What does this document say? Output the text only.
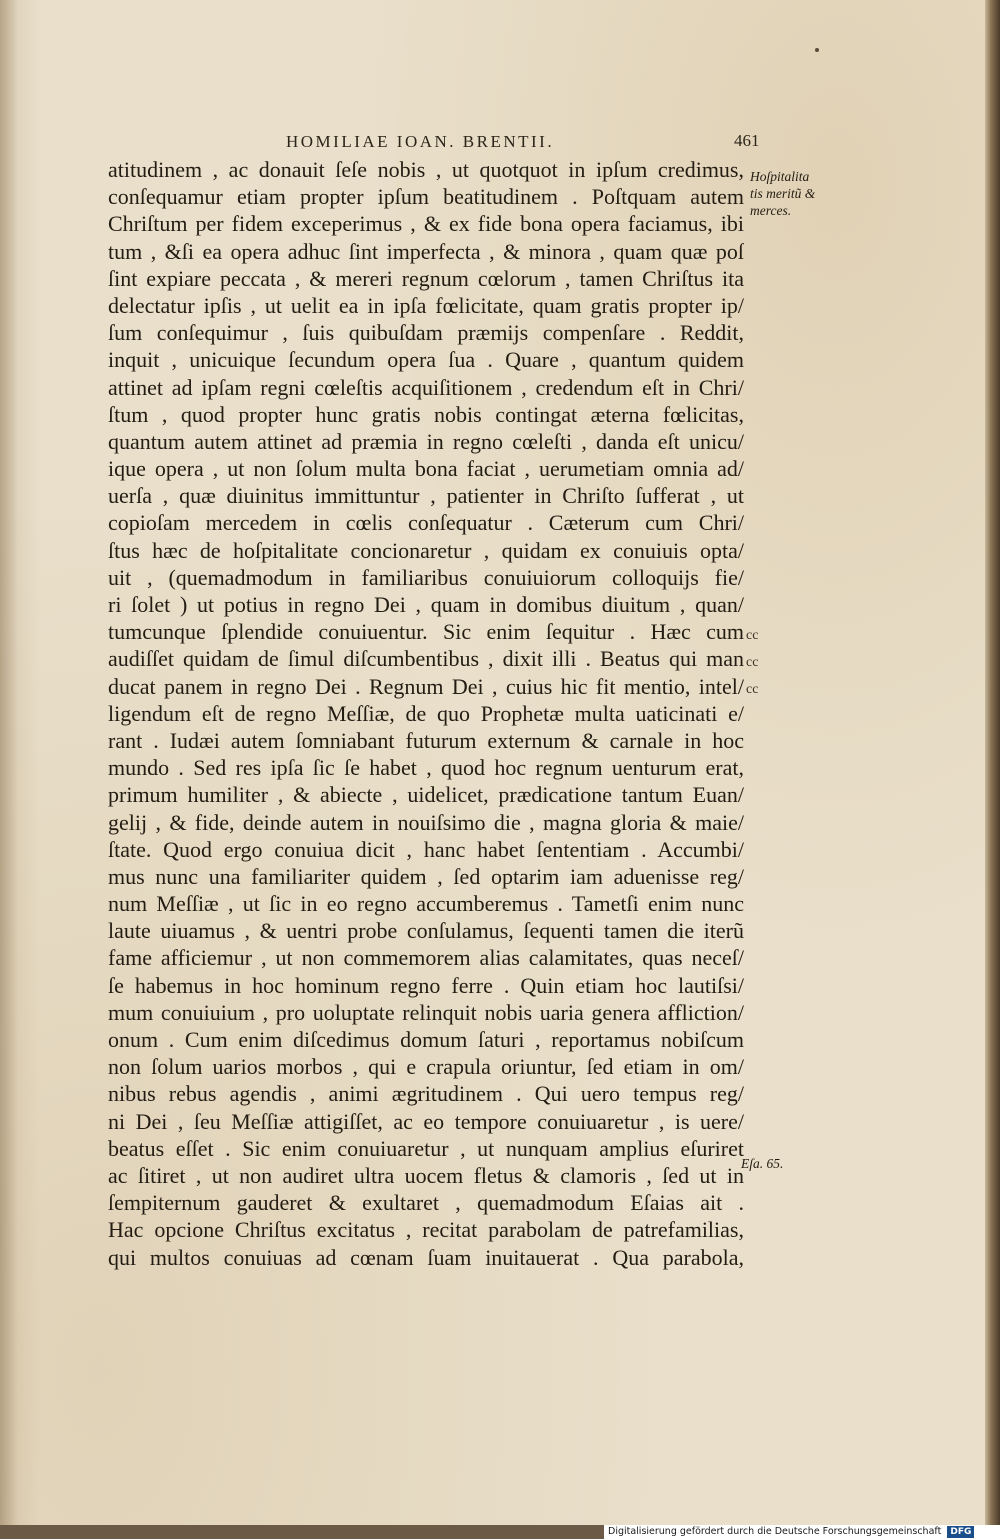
HOMILIAE IOAN. BRENTII.	461
atitudinem , ac donauit ſeſe nobis , ut quotquot in ipſum credimus,
conſequamur etiam propter ipſum beatitudinem . Poſtquam autem
Chriſtum per fidem exceperimus , & ex fide bona opera faciamus, ibi
tum , &ſi ea opera adhuc ſint imperfecta , & minora , quam quæ poſ
ſint expiare peccata , & mereri regnum cœlorum , tamen Chriſtus ita
delectatur ipſis , ut uelit ea in ipſa fœlicitate, quam gratis propter ip/
ſum conſequimur , ſuis quibuſdam præmijs compenſare . Reddit,
inquit , unicuique ſecundum opera ſua . Quare , quantum quidem
attinet ad ipſam regni cœleſtis acquiſitionem , credendum eſt in Chri/
ſtum , quod propter hunc gratis nobis contingat æterna fœlicitas,
quantum autem attinet ad præmia in regno cœleſti , danda eſt unicu/
ique opera , ut non ſolum multa bona faciat , uerumetiam omnia ad/
uerſa , quæ diuinitus immittuntur , patienter in Chriſto ſufferat , ut
copioſam mercedem in cœlis conſequatur . Cæterum cum Chri/
ſtus hæc de hoſpitalitate concionaretur , quidam ex conuiuis opta/
uit , (quemadmodum in familiaribus conuiuiorum colloquijs fie/
ri ſolet ) ut potius in regno Dei , quam in domibus diuitum , quan/
tumcunque ſplendide conuiuentur. Sic enim ſequitur . Hæc cum
audiſſet quidam de ſimul diſcumbentibus , dixit illi . Beatus qui man
ducat panem in regno Dei . Regnum Dei , cuius hic fit mentio, intel/
ligendum eſt de regno Meſſiæ, de quo Prophetæ multa uaticinati e/
rant . Iudæi autem ſomniabant futurum externum & carnale in hoc
mundo . Sed res ipſa ſic ſe habet , quod hoc regnum uenturum erat,
primum humiliter , & abiecte , uidelicet, prædicatione tantum Euan/
gelij , & fide, deinde autem in nouiſsimo die , magna gloria & maie/
ſtate. Quod ergo conuiua dicit , hanc habet ſententiam . Accumbi/
mus nunc una familiariter quidem , ſed optarim iam aduenisse reg/
num Meſſiæ , ut ſic in eo regno accumberemus . Tametſi enim nunc
laute uiuamus , & uentri probe conſulamus, ſequenti tamen die iterũ
fame afficiemur , ut non commemorem alias calamitates, quas neceſ/
ſe habemus in hoc hominum regno ferre . Quin etiam hoc lautiſsi/
mum conuiuium , pro uoluptate relinquit nobis uaria genera affliction/
onum . Cum enim diſcedimus domum ſaturi , reportamus nobiſcum
non ſolum uarios morbos , qui e crapula oriuntur, ſed etiam in om/
nibus rebus agendis , animi ægritudinem . Qui uero tempus reg/
ni Dei , ſeu Meſſiæ attigiſſet, ac eo tempore conuiuaretur , is uere/
beatus eſſet . Sic enim conuiuaretur , ut nunquam amplius eſuriret
ac ſitiret , ut non audiret ultra uocem fletus & clamoris , ſed ut in
ſempiternum gauderet & exultaret , quemadmodum Eſaias ait .
Hac opcione Chriſtus excitatus , recitat parabolam de patrefamilias,
qui multos conuiuas ad cœnam ſuam inuitauerat . Qua parabola,
Hoſpitalita
tis meritũ &
merces.
cc
cc
cc
Eſa. 65.
Digitalisierung gefördert durch die Deutsche Forschungsgemeinschaft DFG
